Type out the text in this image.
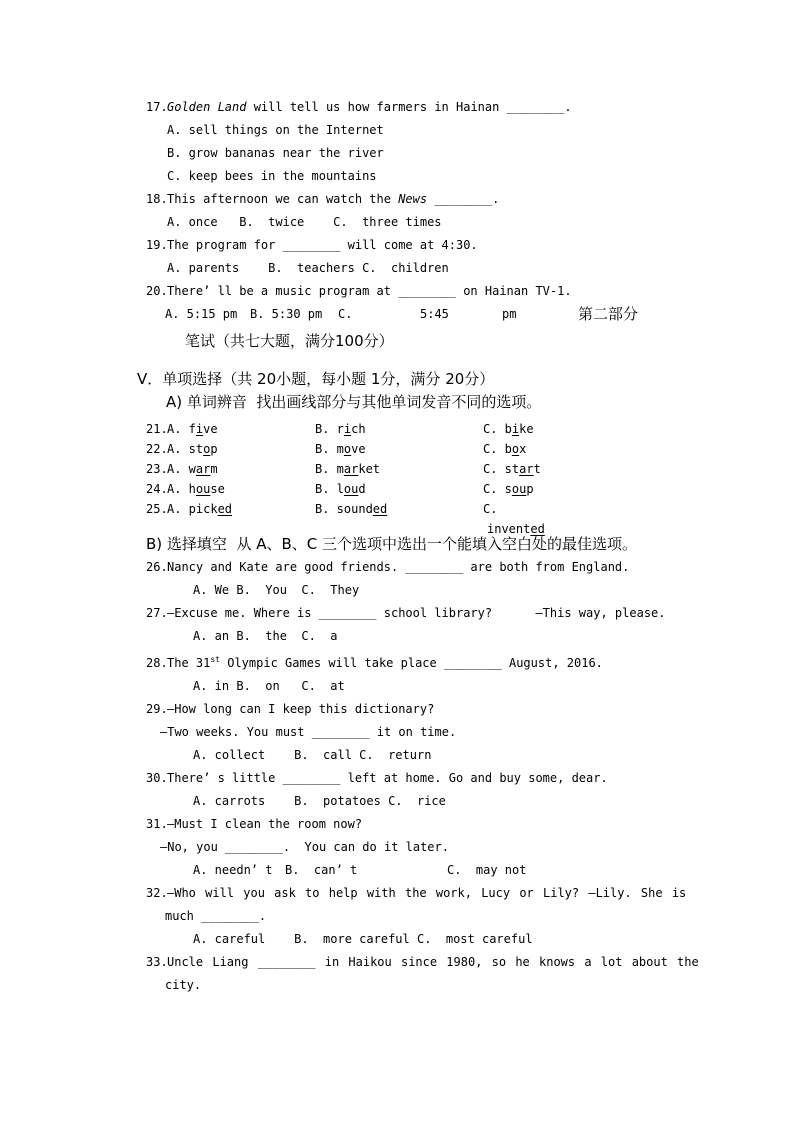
17.Golden Land will tell us how farmers in Hainan ________.
A. sell things on the Internet
B. grow bananas near the river
C. keep bees in the mountains
18.This afternoon we can watch the News ________.
A. once   B.  twice    C.  three times
19.The program for ________ will come at 4:30.
A. parents    B.  teachers C.  children
20.There’ ll be a music program at ________ on Hainan TV-1.
A. 5:15 pm B. 5:30 pm C.	5:45	pm	第二部分
笔试（共七大题，满分100分）
Ⅴ．单项选择（共 20小题，每小题 1分，满分 20分）
A) 单词辨音  找出画线部分与其他单词发音不同的选项。
21. A. five	B. rich	C. bike
22. A. stop	B. move	C. box
23. A. warm	B. market	C. start
24. A. house	B. loud	C. soup
25. A. picked	B. sounded	C.
invented
B) 选择填空  从 A、B、C 三个选项中选出一个能填入空白处的最佳选项。
26.Nancy and Kate are good friends. ________ are both from England.
A. We B.  You  C.  They
27.—Excuse me. Where is ________ school library?      —This way, please.
A. an B.  the  C.  a
28.The 31st Olympic Games will take place ________ August, 2016.
A. in B.  on   C.  at
29.—How long can I keep this dictionary?
—Two weeks. You must ________ it on time.
A. collect    B.  call C.  return
30.There’ s little ________ left at home. Go and buy some, dear.
A. carrots    B.  potatoes C.  rice
31.—Must I clean the room now?
—No, you ________.  You can do it later.
A. needn’ t B.  can’ t	C.  may not
32.—Who will you ask to help with the work, Lucy or Lily? —Lily. She is
much ________.
A. careful    B.  more careful C.  most careful
33.Uncle Liang ________ in Haikou since 1980, so he knows a lot about the
city.
